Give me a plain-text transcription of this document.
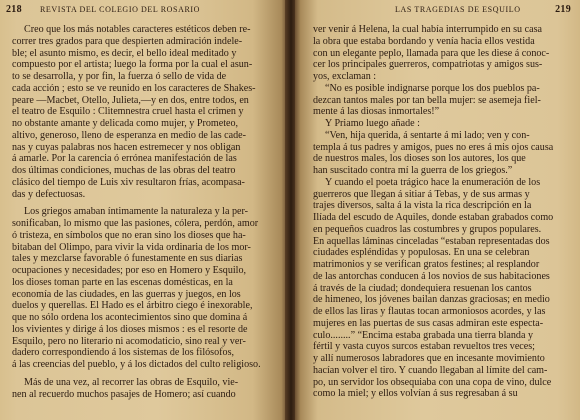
218 REVISTA DEL COLEGIO DEL ROSARIO
Creo que los más notables caracteres estéticos deben re-
correr tres grados para que despierten admiración indele-
ble; el asunto mismo, es decir, el bello ideal meditado y
compuesto por el artista; luego la forma por la cual el asun-
to se desarrolla, y por fin, la fuerza ó sello de vida de
cada acción ; esto se ve reunido en los caracteres de Shakes-
peare —Macbet, Otello, Julieta,—y en dos, entre todos, en
el teatro de Esquilo : Clitemnestra cruel hasta el crimen y
no obstante amante y delicada como mujer, y Prometeo,
altivo, generoso, lleno de esperanza en medio de las cade-
nas y cuyas palabras nos hacen estremecer y nos obligan
á amarle. Por la carencia ó errónea manifestación de las
dos últimas condiciones, muchas de las obras del teatro
clásico del tiempo de Luis xiv resultaron frías, acompasa-
das y defectuosas.
Los griegos amaban íntimamente la naturaleza y la per-
sonificaban, lo mismo que las pasiones, cólera, perdón, amor
ó tristeza, en símbolos que no eran sino los dioses que ha-
bitaban del Olimpo, para vivir la vida ordinaria de los mor-
tales y mezclarse favorable ó funestamente en sus diarias
ocupaciones y necesidades; por eso en Homero y Esquilo,
los dioses toman parte en las escenas domésticas, en la
economía de las ciudades, en las guerras y juegos, en los
duelos y querellas. El Hado es el árbitro ciego é inexorable,
que no sólo ordena los acontecimientos sino que domina á
los vivientes y dirige á los dioses mismos : es el resorte de
Esquilo, pero no literario ni acomodaticio, sino real y ver-
dadero correspondiendo á los sistemas de los filósofos,
á las creencias del pueblo, y á los dictados del culto religioso.
Más de una vez, al recorrer las obras de Esquilo, vie-
nen al recuerdo muchos pasajes de Homero; así cuando
LAS TRAGEDIAS DE ESQUILO	219
ver venir á Helena, la cual había interrumpido en su casa
la obra que estaba bordando y venía hacia ellos vestida
con un elegante peplo, llamada para que les diese á conoc-
cer los principales guerreros, compatriotas y amigos sus-
yos, exclaman :
“No es posible indignarse porque los dos pueblos pa-
dezcan tantos males por tan bella mujer: se asemeja fiel-
mente á las diosas inmortales!”
Y Priamo luego añade :
“Ven, hija querida, á sentarte á mi lado; ven y con-
templa á tus padres y amigos, pues no eres á mis ojos causa
de nuestros males, los dioses son los autores, los que
han suscitado contra mí la guerra de los griegos.”
Y cuando el poeta trágico hace la enumeración de los
guerreros que llegan á sitiar á Tebas, y de sus armas y
trajes diversos, salta á la vista la rica descripción en la
Ilíada del escudo de Aquiles, donde estaban grabados como
en pequeños cuadros las costumbres y grupos populares.
En aquellas láminas cinceladas “estaban representadas dos
ciudades espléndidas y populosas. En una se celebran
matrimonios y se verifican gratos festines; al resplandor
de las antorchas conducen á los novios de sus habitaciones
á través de la ciudad; dondequiera resuenan los cantos
de himeneo, los jóvenes bailan danzas graciosas; en medio
de ellos las liras y flautas tocan armoniosos acordes, y las
mujeres en las puertas de sus casas admiran este especta-
culo........” “Encima estaba grabada una tierra blanda y
fértil y vasta cuyos surcos estaban revueltos tres veces;
y allí numerosos labradores que en incesante movimiento
hacían volver el tiro. Y cuando llegaban al límite del cam-
po, un servidor los obsequiaba con una copa de vino, dulce
como la miel; y ellos volvían á sus regresaban á su
